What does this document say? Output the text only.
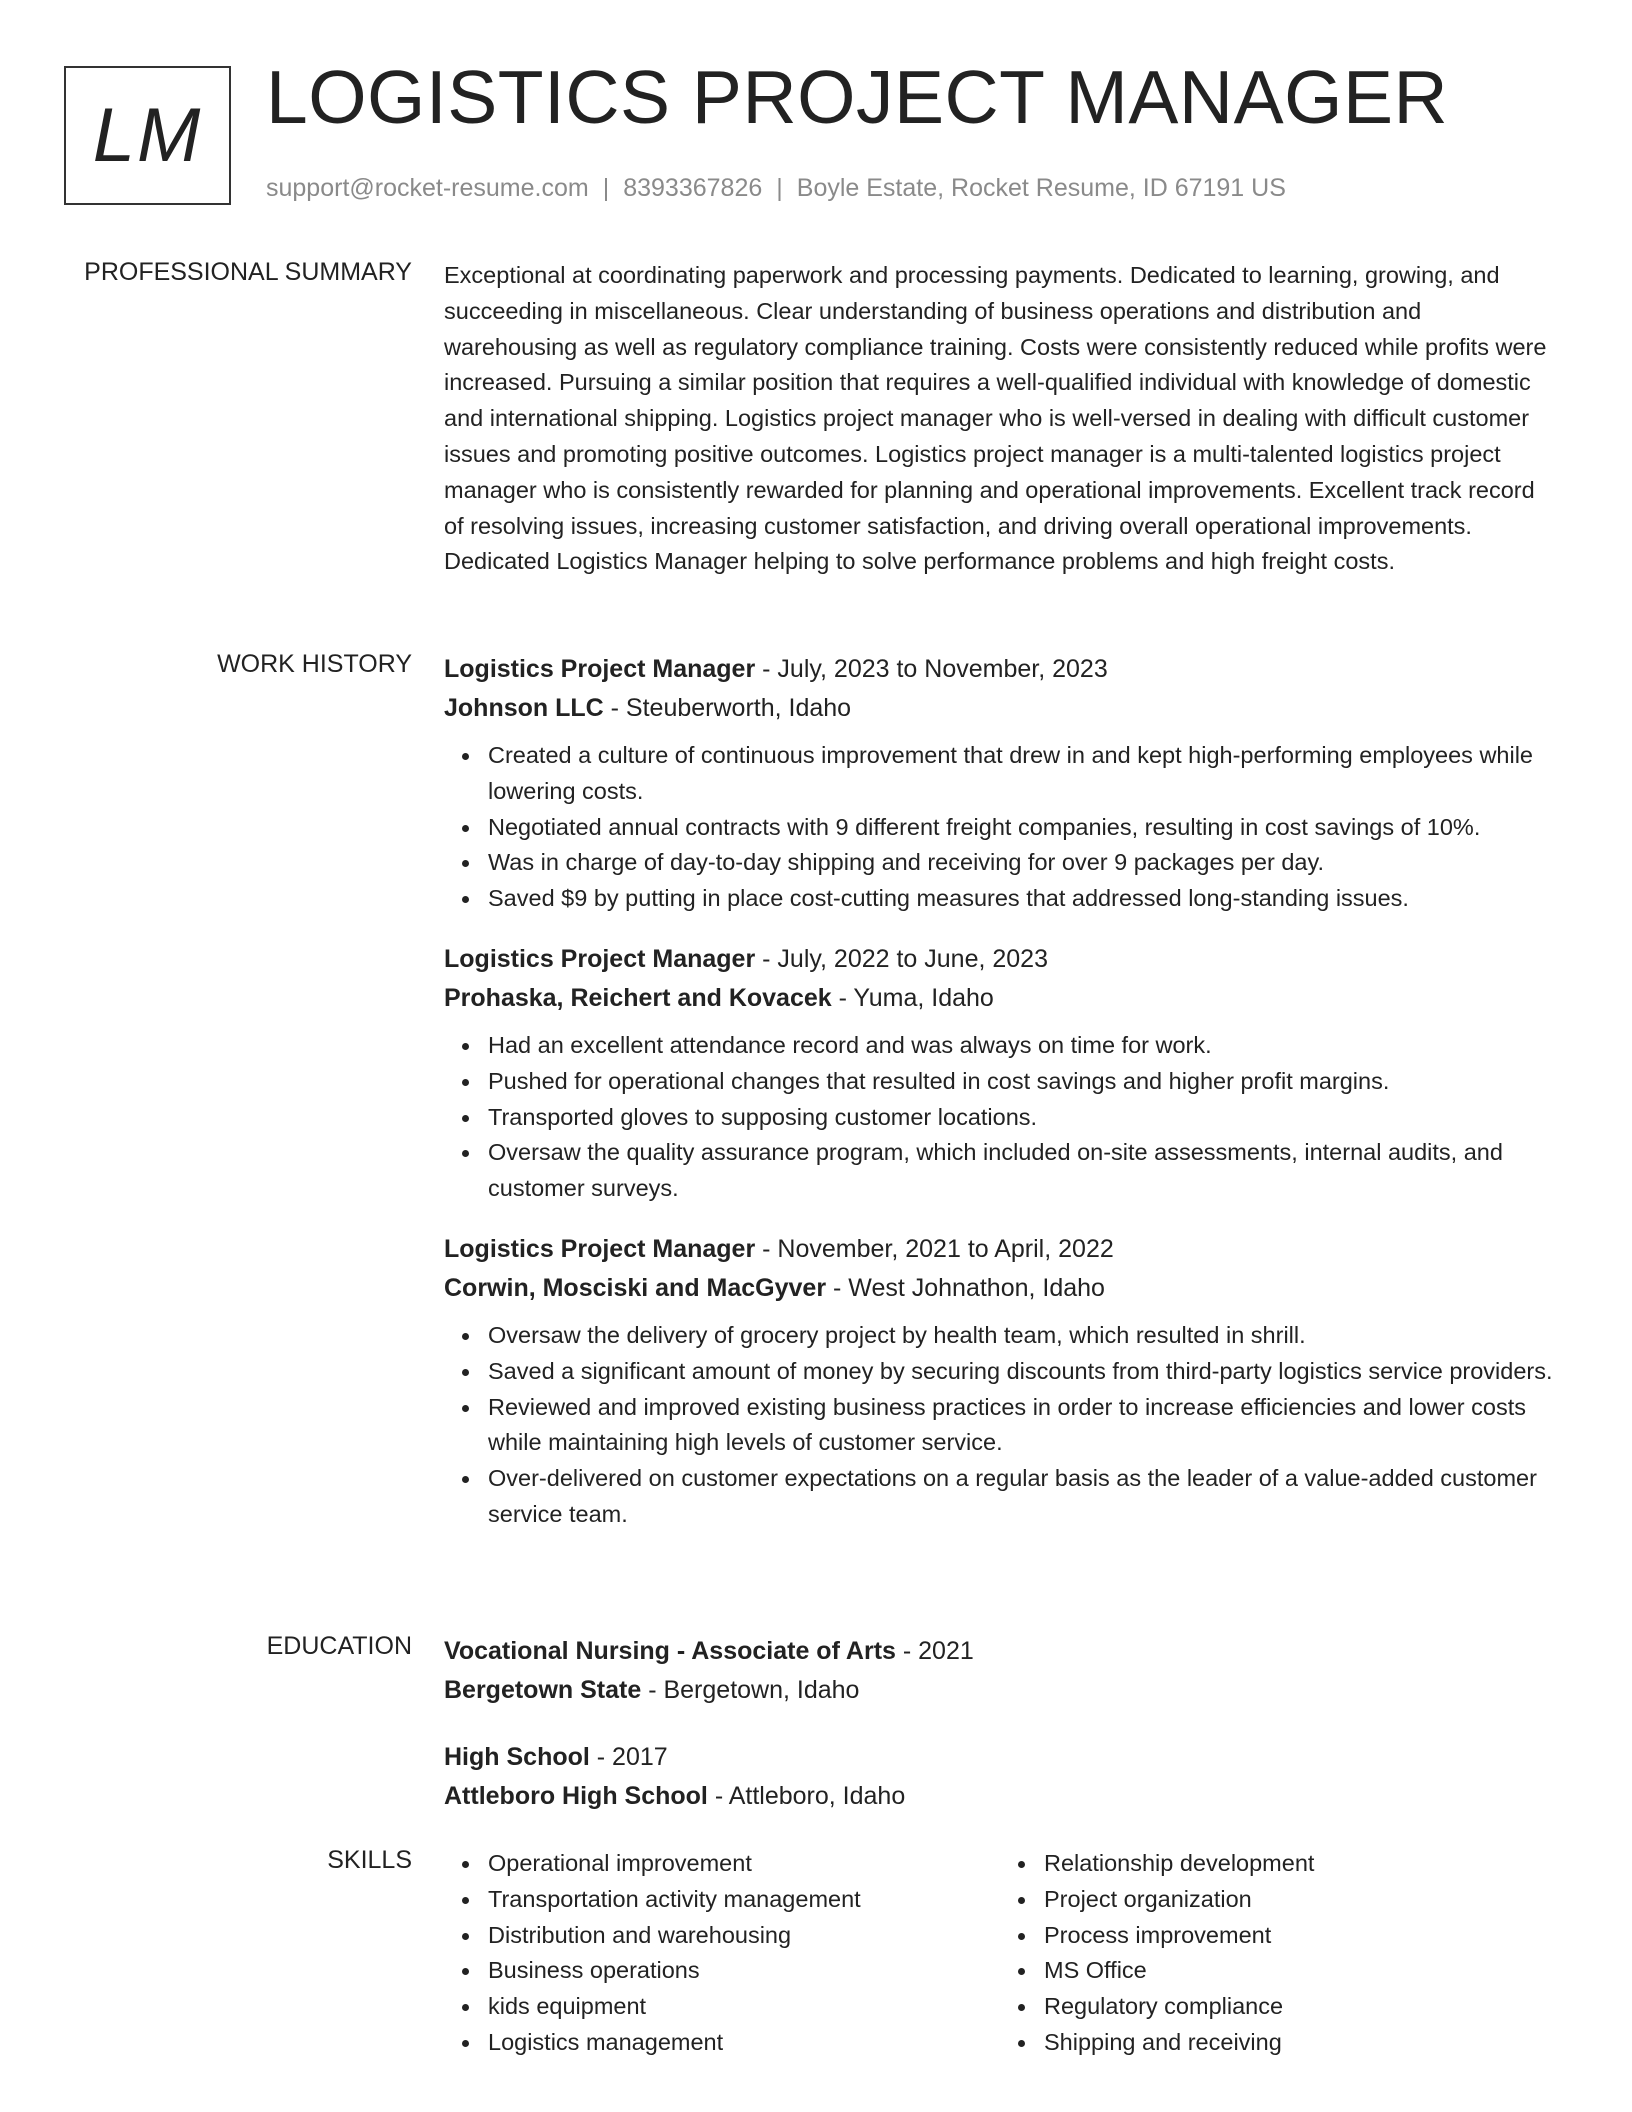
LM LOGISTICS PROJECT MANAGER
support@rocket-resume.com | 8393367826 | Boyle Estate, Rocket Resume, ID 67191 US
PROFESSIONAL SUMMARY Exceptional at coordinating paperwork and processing payments. Dedicated to learning, growing, and succeeding in miscellaneous. Clear understanding of business operations and distribution and warehousing as well as regulatory compliance training. Costs were consistently reduced while profits were increased. Pursuing a similar position that requires a well-qualified individual with knowledge of domestic and international shipping. Logistics project manager who is well-versed in dealing with difficult customer issues and promoting positive outcomes. Logistics project manager is a multi-talented logistics project manager who is consistently rewarded for planning and operational improvements. Excellent track record of resolving issues, increasing customer satisfaction, and driving overall operational improvements. Dedicated Logistics Manager helping to solve performance problems and high freight costs.

WORK HISTORY Logistics Project Manager - July, 2023 to November, 2023
Johnson LLC - Steuberworth, Idaho
Created a culture of continuous improvement that drew in and kept high-performing employees while lowering costs.
Negotiated annual contracts with 9 different freight companies, resulting in cost savings of 10%.
Was in charge of day-to-day shipping and receiving for over 9 packages per day.
Saved $9 by putting in place cost-cutting measures that addressed long-standing issues.
Logistics Project Manager - July, 2022 to June, 2023
Prohaska, Reichert and Kovacek - Yuma, Idaho
Had an excellent attendance record and was always on time for work.
Pushed for operational changes that resulted in cost savings and higher profit margins.
Transported gloves to supposing customer locations.
Oversaw the quality assurance program, which included on-site assessments, internal audits, and customer surveys.
Logistics Project Manager - November, 2021 to April, 2022
Corwin, Mosciski and MacGyver - West Johnathon, Idaho
Oversaw the delivery of grocery project by health team, which resulted in shrill.
Saved a significant amount of money by securing discounts from third-party logistics service providers.
Reviewed and improved existing business practices in order to increase efficiencies and lower costs while maintaining high levels of customer service.
Over-delivered on customer expectations on a regular basis as the leader of a value-added customer service team.
EDUCATION Vocational Nursing - Associate of Arts - 2021
Bergetown State - Bergetown, Idaho
High School - 2017
Attleboro High School - Attleboro, Idaho
SKILLS	Operational improvement
Transportation activity management
Distribution and warehousing
Business operations
kids equipment
Logistics management
Relationship development
Project organization
Process improvement
MS Office
Regulatory compliance
Shipping and receiving
